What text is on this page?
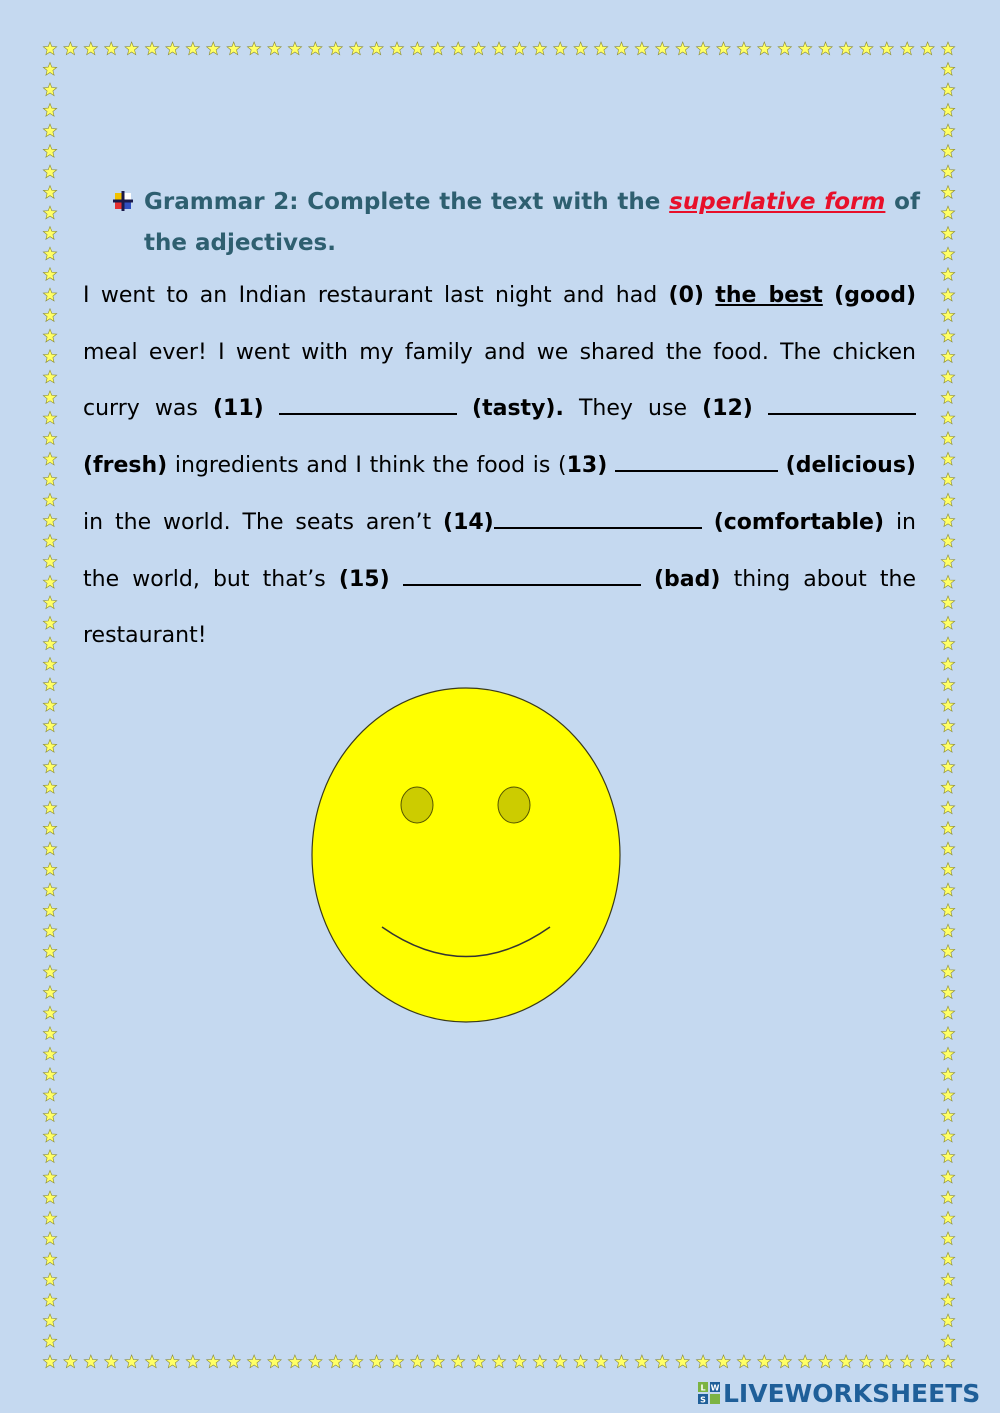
Grammar 2: Complete the text with the superlative form of the adjectives.
I went to an Indian restaurant last night and had (0) the best (good) meal ever! I went with my family and we shared the food. The chicken curry was (11)	(tasty). They use (12)  (fresh) ingredients and I think the food is (13)	(delicious) in the world. The seats aren’t (14)	(comfortable) in the world, but that’s (15)	(bad) thing about the restaurant!
L W
S LIVEWORKSHEETS
